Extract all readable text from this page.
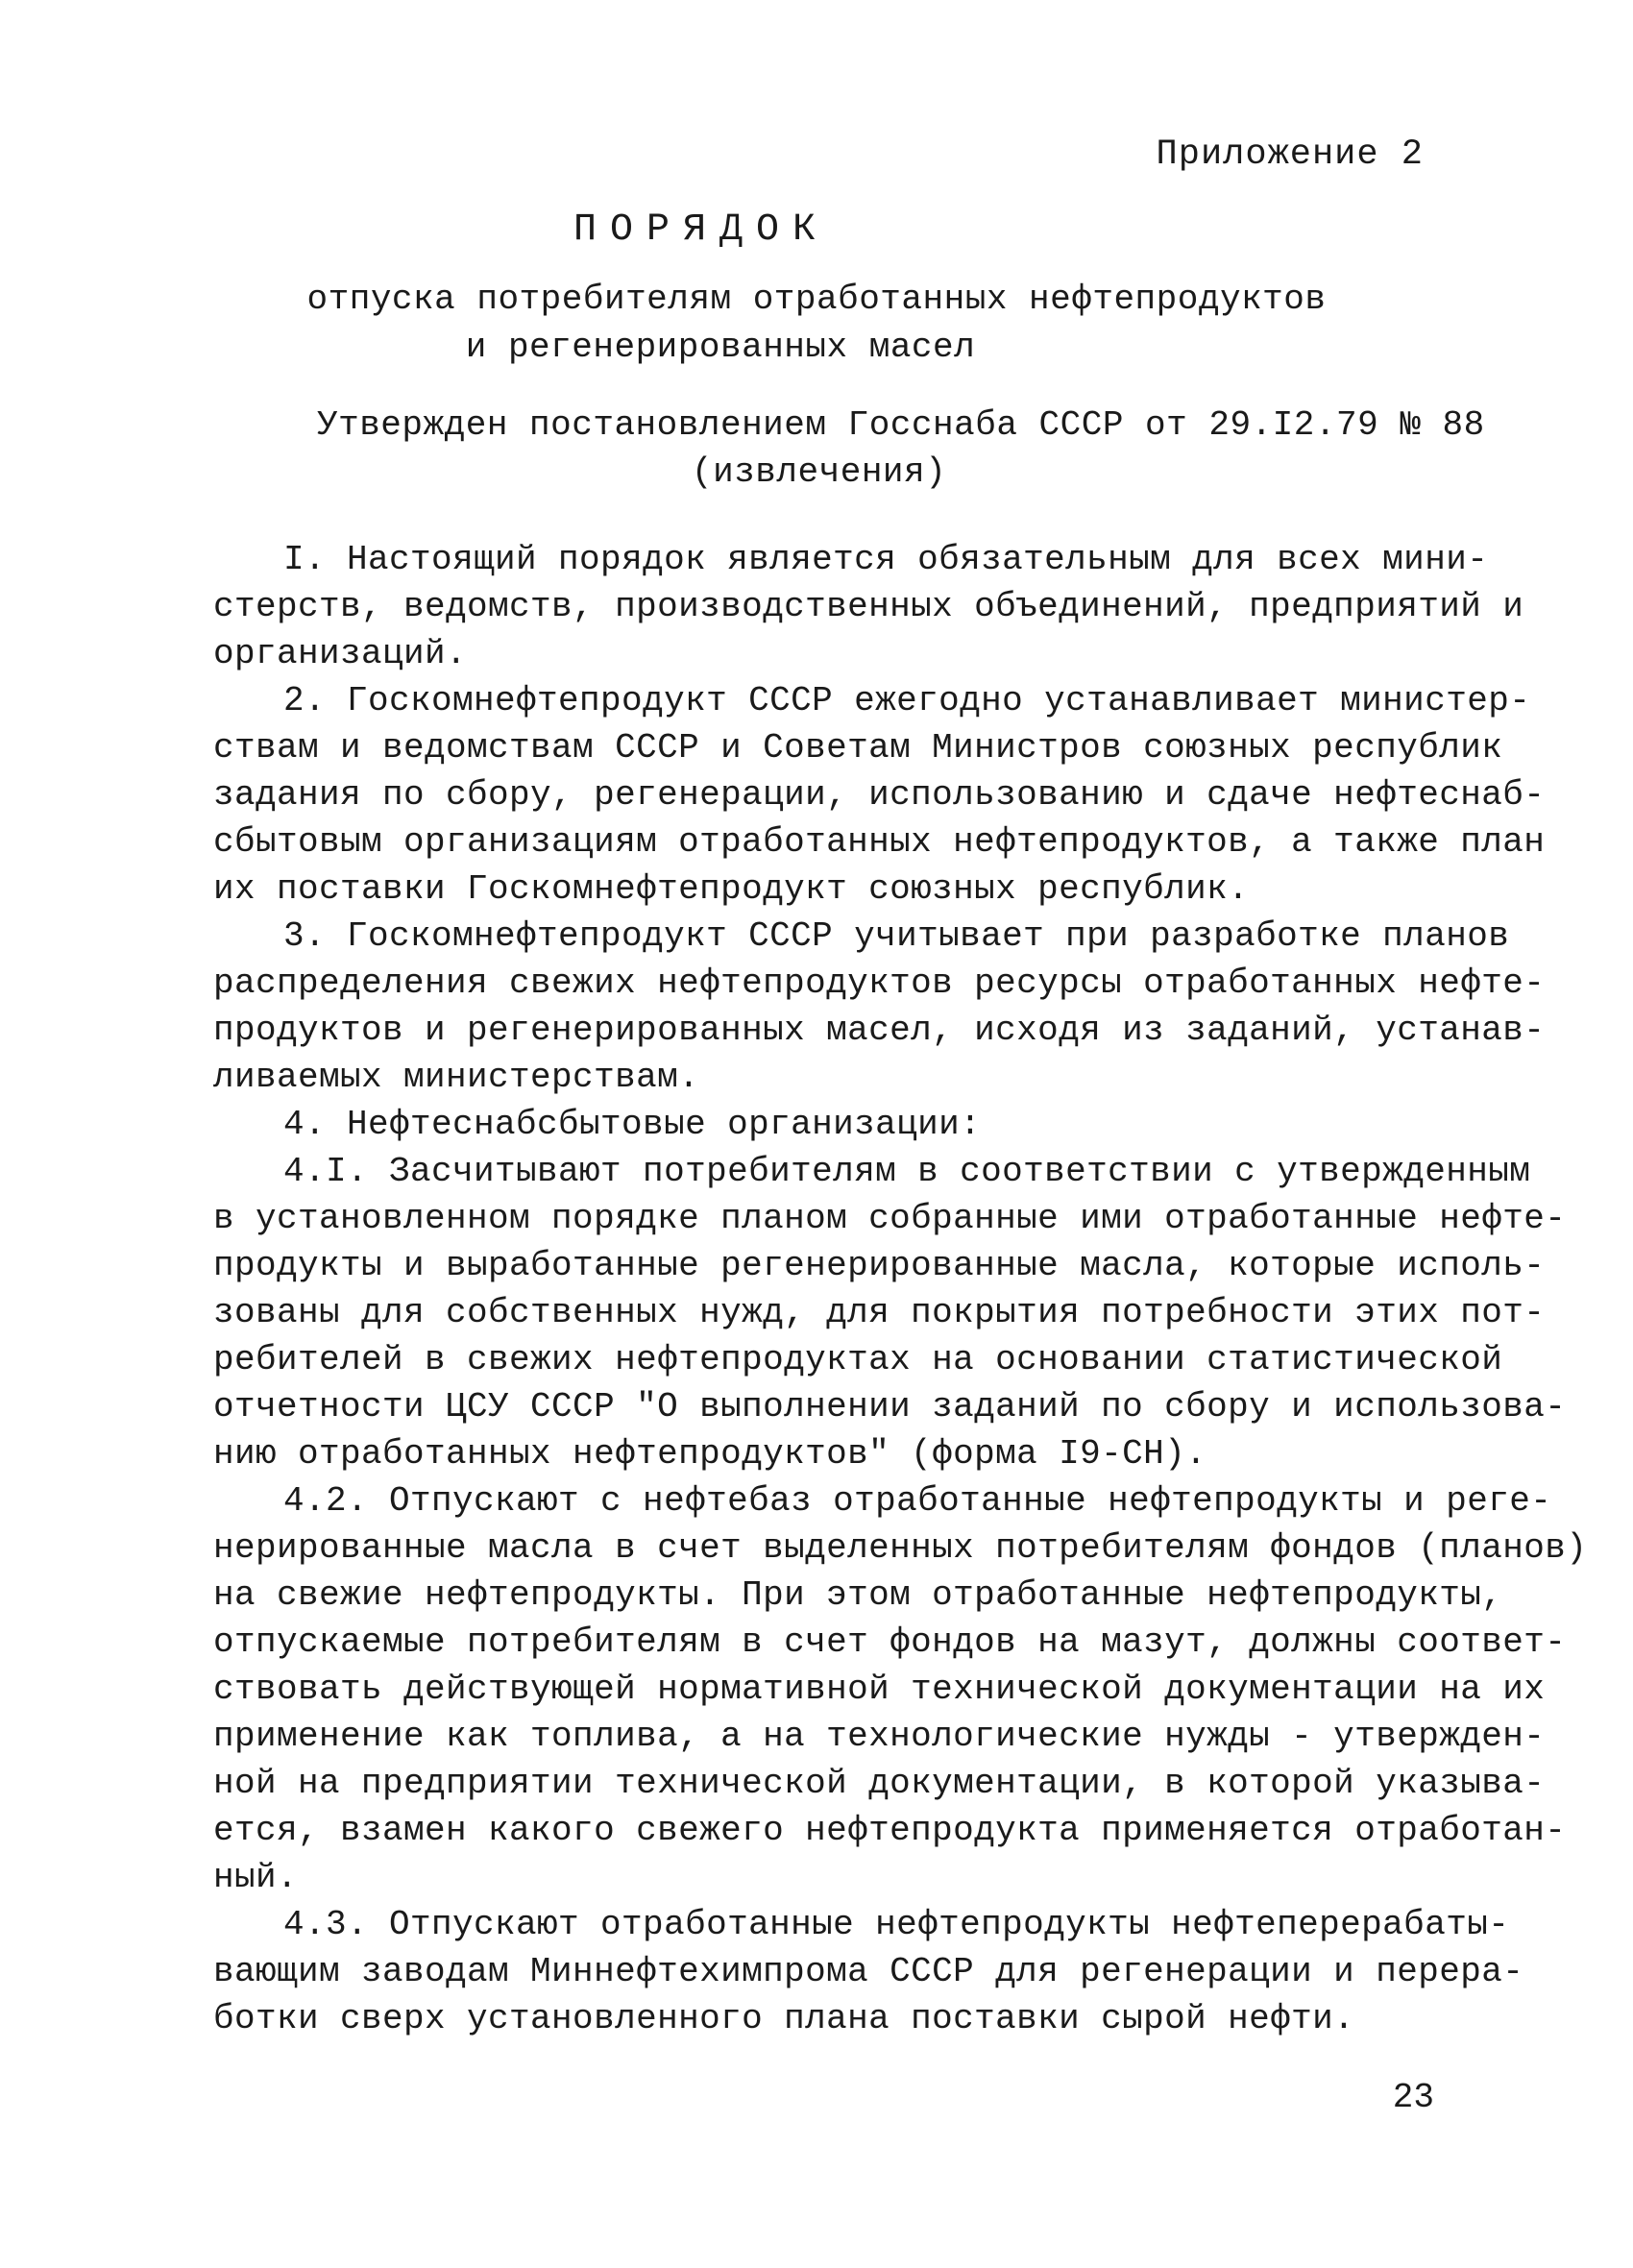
Приложение 2
ПОРЯДОК
отпуска потребителям отработанных нефтепродуктов
и регенерированных масел
Утвержден постановлением Госснаба СССР от 29.I2.79 № 88
(извлечения)
I. Настоящий порядок является обязательным для всех мини-
стерств, ведомств, производственных объединений, предприятий и
организаций.
2. Госкомнефтепродукт СССР ежегодно устанавливает министер-
ствам и ведомствам СССР и Советам Министров союзных республик
задания по сбору, регенерации, использованию и сдаче нефтеснаб-
сбытовым организациям отработанных нефтепродуктов, а также план
их поставки Госкомнефтепродукт союзных республик.
3. Госкомнефтепродукт СССР учитывает при разработке планов
распределения свежих нефтепродуктов ресурсы отработанных нефте-
продуктов и регенерированных масел, исходя из заданий, устанав-
ливаемых министерствам.
4. Нефтеснабсбытовые организации:
4.I. Засчитывают потребителям в соответствии с утвержденным
в установленном порядке планом собранные ими отработанные нефте-
продукты и выработанные регенерированные масла, которые исполь-
зованы для собственных нужд, для покрытия потребности этих пот-
ребителей в свежих нефтепродуктах на основании статистической
отчетности ЦСУ СССР "О выполнении заданий по сбору и использова-
нию отработанных нефтепродуктов" (форма I9-СН).
4.2. Отпускают с нефтебаз отработанные нефтепродукты и реге-
нерированные масла в счет выделенных потребителям фондов (планов)
на свежие нефтепродукты. При этом отработанные нефтепродукты,
отпускаемые потребителям в счет фондов на мазут, должны соответ-
ствовать действующей нормативной технической документации на их
применение как топлива, а на технологические нужды - утвержден-
ной на предприятии технической документации, в которой указыва-
ется, взамен какого свежего нефтепродукта применяется отработан-
ный.
4.3. Отпускают отработанные нефтепродукты нефтеперерабаты-
вающим заводам Миннефтехимпрома СССР для регенерации и перера-
ботки сверх установленного плана поставки сырой нефти.
23
